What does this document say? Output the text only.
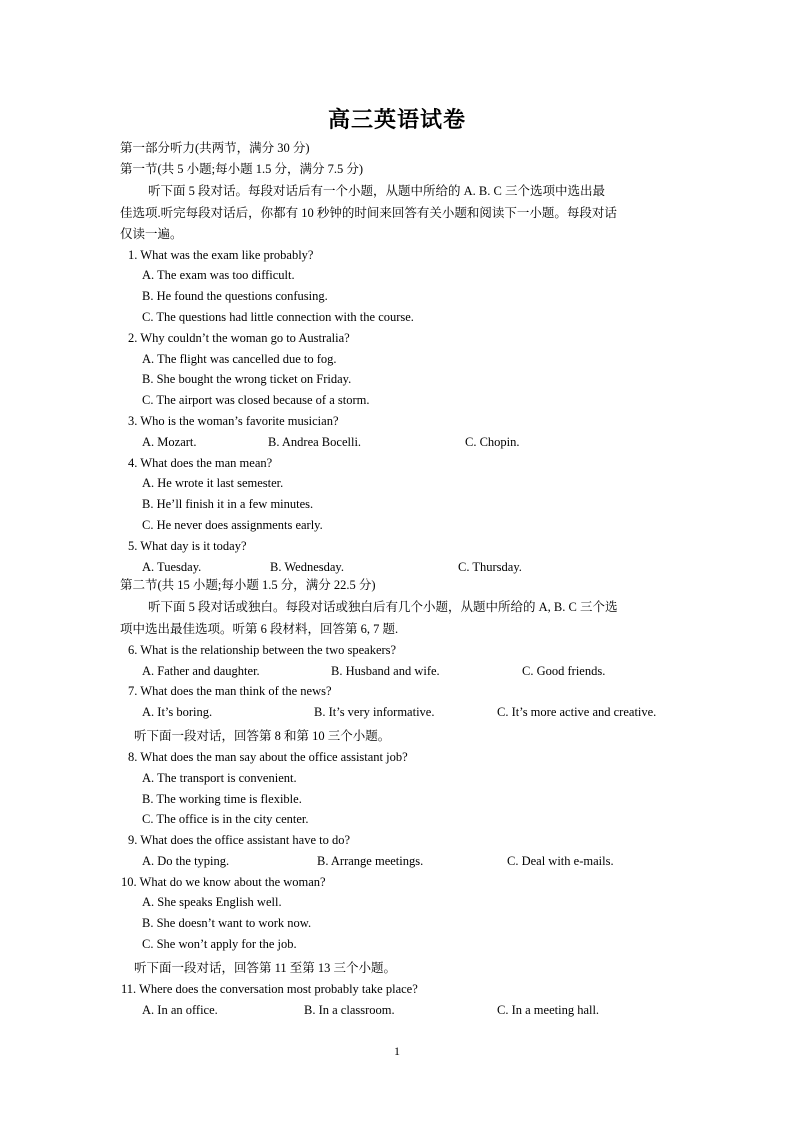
高三英语试卷
第一部分听力(共两节，满分 30 分)
第一节(共 5 小题;每小题 1.5 分，满分 7.5 分)
听下面 5 段对话。每段对话后有一个小题，从题中所给的 A. B. C 三个选项中选出最
佳选项.听完每段对话后，你都有 10 秒钟的时间来回答有关小题和阅读下一小题。每段对话
仅读一遍。
1. What was the exam like probably?
A. The exam was too difficult.
B. He found the questions confusing.
C. The questions had little connection with the course.
2. Why couldn’t the woman go to Australia?
A. The flight was cancelled due to fog.
B. She bought the wrong ticket on Friday.
C. The airport was closed because of a storm.
3. Who is the woman’s favorite musician?
A. Mozart.	B. Andrea Bocelli.	C. Chopin.
4. What does the man mean?
A. He wrote it last semester.
B. He’ll finish it in a few minutes.
C. He never does assignments early.
5. What day is it today?
A. Tuesday.	B. Wednesday.	C. Thursday.
第二节(共 15 小题;每小题 1.5 分，满分 22.5 分)
听下面 5 段对话或独白。每段对话或独白后有几个小题，从题中所给的 A, B. C 三个选
项中选出最佳选项。听第 6 段材料，回答第 6, 7 题.
6. What is the relationship between the two speakers?
A. Father and daughter.	B. Husband and wife.	C. Good friends.
7. What does the man think of the news?
A. It’s boring.	B. It’s very informative.	C. It’s more active and creative.
听下面一段对话，回答第 8 和第 10 三个小题。
8. What does the man say about the office assistant job?
A. The transport is convenient.
B. The working time is flexible.
C. The office is in the city center.
9. What does the office assistant have to do?
A. Do the typing.	B. Arrange meetings.	C. Deal with e-mails.
10. What do we know about the woman?
A. She speaks English well.
B. She doesn’t want to work now.
C. She won’t apply for the job.
听下面一段对话，回答第 11 至第 13 三个小题。
11. Where does the conversation most probably take place?
A. In an office.	B. In a classroom.	C. In a meeting hall.
1
